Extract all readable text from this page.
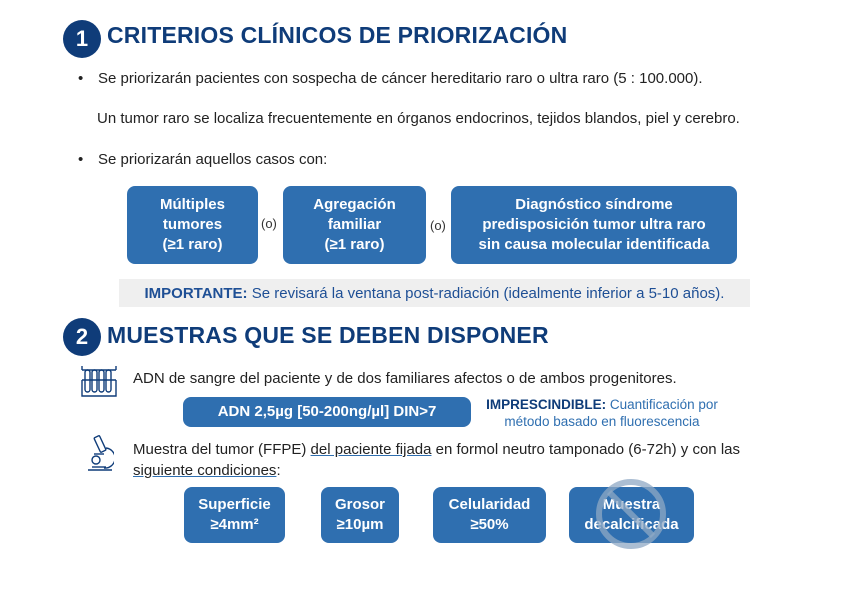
1 CRITERIOS CLÍNICOS DE PRIORIZACIÓN
• Se priorizarán pacientes con sospecha de cáncer hereditario raro o ultra raro (5 : 100.000).
Un tumor raro se localiza frecuentemente en órganos endocrinos, tejidos blandos, piel y cerebro.
• Se priorizarán aquellos casos con:
Múltiples
tumores
(≥1 raro)
(o)
Agregación
familiar
(≥1 raro)
(o)
Diagnóstico síndrome
predisposición tumor ultra raro
sin causa molecular identificada
IMPORTANTE: Se revisará la ventana post-radiación (idealmente inferior a 5-10 años).
2 MUESTRAS QUE SE DEBEN DISPONER
ADN de sangre del paciente y de dos familiares afectos o de ambos progenitores.
ADN 2,5µg [50-200ng/µl] DIN>7	IMPRESCINDIBLE: Cuantificación por
método basado en fluorescencia
Muestra del tumor (FFPE) del paciente fijada en formol neutro tamponado (6-72h) y con las
siguiente condiciones:
Superficie
≥4mm²
Grosor
≥10µm
Celularidad
≥50%
Muestra
decalcificada
